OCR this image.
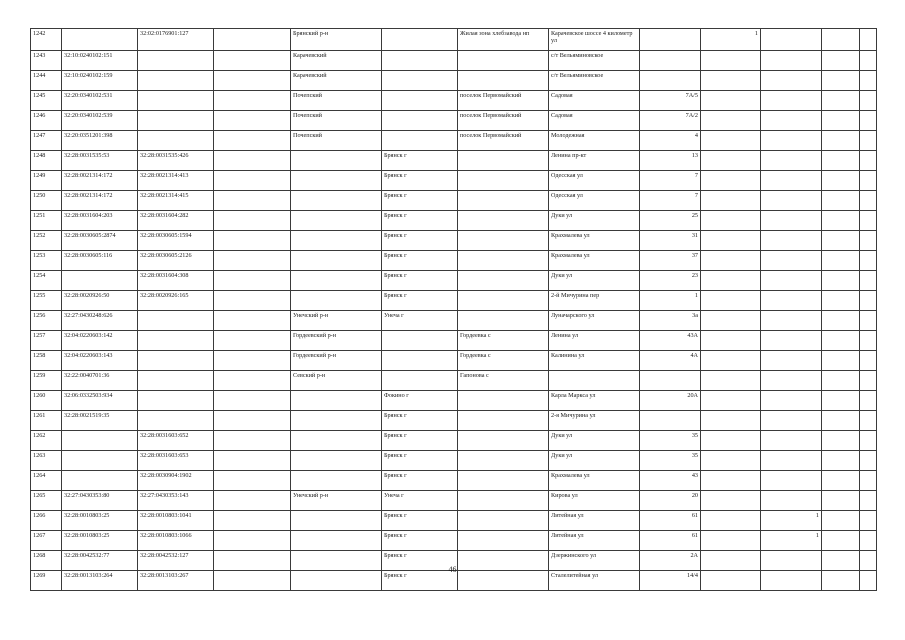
1242		32:02:0176901:127		Брянский р-н		Жилая зона хлебзавода нп	Карачевское шоссе 4 километр ул		1			
1243	32:10:0240102:151			Карачевский			с/т Вельяминовское					
1244	32:10:0240102:159			Карачевский			с/т Вельяминовское					
1245	32:20:0340102:531			Почепский		поселок Первомайский	Садовая	7А/5				
1246	32:20:0340102:539			Почепский		поселок Первомайский	Садовая	7А/2				
1247	32:20:0351201:398			Почепский		поселок Первомайский	Молодежная	4				
1248	32:28:0031535:53	32:28:0031535:426			Брянск г		Ленина пр-кт	13				
1249	32:28:0021314:172	32:28:0021314:413			Брянск г		Одесская ул	7				
1250	32:28:0021314:172	32:28:0021314:415			Брянск г		Одесская ул	7				
1251	32:28:0031604:203	32:28:0031604:282			Брянск г		Дуки ул	25				
1252	32:28:0030605:2874	32:28:0030605:1594			Брянск г		Крахмалева ул	31				
1253	32:28:0030605:116	32:28:0030605:2126			Брянск г		Крахмалева ул	37				
1254		32:28:0031604:308			Брянск г		Дуки ул	23				
1255	32:28:0020926:50	32:28:0020926:165			Брянск г		2-й Мичурина пер	1				
1256	32:27:0430248:626			Унечский р-н	Унеча г		Луначарского ул	3а				
1257	32:04:0220603:142			Гордеевский р-н		Гордеевка с	Ленина ул	43А				
1258	32:04:0220603:143			Гордеевский р-н		Гордеевка с	Калинина ул	4А				
1259	32:22:0040701:36			Севский р-н		Гапонова с						
1260	32:06:0332503:934				Фокино г		Карла Маркса ул	20А				
1261	32:28:0021519:35				Брянск г		2-я Мичурина ул					
1262		32:28:0031603:652			Брянск г		Дуки ул	35				
1263		32:28:0031603:653			Брянск г		Дуки ул	35				
1264		32:28:0030904:1902			Брянск г		Крахмалева ул	43				
1265	32:27:0430353:80	32:27:0430353:143		Унечский р-н	Унеча г		Кирова ул	20				
1266	32:28:0010803:25	32:28:0010803:1041			Брянск г		Литейная ул	61		1		
1267	32:28:0010803:25	32:28:0010803:1066			Брянск г		Литейная ул	61		1		
1268	32:28:0042532:77	32:28:0042532:127			Брянск г		Дзержинского ул	2А				
1269	32:28:0013103:264	32:28:0013103:267			Брянск г		Сталелитейная ул	14/4				
46
